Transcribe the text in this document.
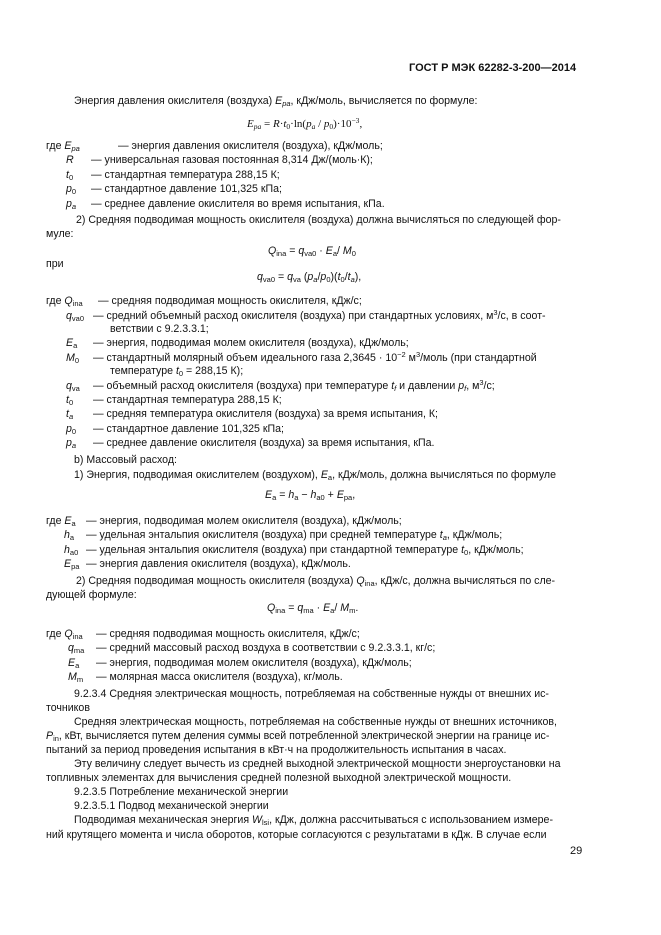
ГОСТ Р МЭК 62282-3-200—2014
Энергия давления окислителя (воздуха) $E_{pa}$, кДж/моль, вычисляется по формуле:
$E_{pa} = R\cdot t_0\cdot\ln(p_a / p_0)\cdot 10^{-3}$,
где $E_{pa}$	— энергия давления окислителя (воздуха), кДж/моль;
R — универсальная газовая постоянная 8,314 Дж/(моль·К);
$t_0$ — стандартная температура 288,15 К;
$p_0$ — стандартное давление 101,325 кПа;
$p_a$ — среднее давление окислителя во время испытания, кПа.
2) Средняя подводимая мощность окислителя (воздуха) должна вычисляться по следующей фор-
муле:
$Q_{ina} = q_{va0} \cdot E_a/$ $M_0$
при
$q_{va0} = q_{va}$ $(p_a/p_0)(t_0/t_a)$,
где $Q_{ina}$ — средняя подводимая мощность окислителя, кДж/с;
$q_{va0}$ — средний объемный расход окислителя (воздуха) при стандартных условиях, $м^3/с$, в соот-
ветствии с 9.2.3.3.1;
$E_a$ — энергия, подводимая молем окислителя (воздуха), кДж/моль;
$M_0$ — стандартный молярный объем идеального газа $2,3645 \cdot 10^{-2}$ $м^3$/моль (при стандартной
температуре $t_0 = 288,15$ К);
$q_{va}$ — объемный расход окислителя (воздуха) при температуре $t_f$ и давлении $p_f$, $м^3/с$;
$t_0$ — стандартная температура 288,15 К;
$t_a$ — средняя температура окислителя (воздуха) за время испытания, К;
$p_0$ — стандартное давление 101,325 кПа;
$p_a$ — среднее давление окислителя (воздуха) за время испытания, кПа.
b) Массовый расход:
1) Энергия, подводимая окислителем (воздухом), $E_a$, кДж/моль, должна вычисляться по формуле
$E_a = h_a - h_{a0} + E_{pa}$,
где $E_a$ — энергия, подводимая молем окислителя (воздуха), кДж/моль;
$h_a$ — удельная энтальпия окислителя (воздуха) при средней температуре $t_a$, кДж/моль;
$h_{a0}$ — удельная энтальпия окислителя (воздуха) при стандартной температуре $t_0$, кДж/моль;
$E_{pa}$ — энергия давления окислителя (воздуха), кДж/моль.
2) Средняя подводимая мощность окислителя (воздуха) $Q_{ina}$, кДж/с, должна вычисляться по сле-
дующей формуле:
$Q_{ina} = q_{ma} \cdot E_a/$ $M_m$.
где $Q_{ina}$ — средняя подводимая мощность окислителя, кДж/с;
$q_{ma}$ — средний массовый расход воздуха в соответствии с 9.2.3.3.1, кг/с;
$E_a$ — энергия, подводимая молем окислителя (воздуха), кДж/моль;
$M_m$ — молярная масса окислителя (воздуха), кг/моль.
9.2.3.4 Средняя электрическая мощность, потребляемая на собственные нужды от внешних ис-
точников
Средняя электрическая мощность, потребляемая на собственные нужды от внешних источников,
$P_{in}$, кВт, вычисляется путем деления суммы всей потребленной электрической энергии на границе ис-
пытаний за период проведения испытания в кВт·ч на продолжительность испытания в часах.
Эту величину следует вычесть из средней выходной электрической мощности энергоустановки на
топливных элементах для вычисления средней полезной выходной электрической мощности.
9.2.3.5 Потребление механической энергии
9.2.3.5.1 Подвод механической энергии
Подводимая механическая энергия $W_{lsi}$, кДж, должна рассчитываться с использованием измере-
ний крутящего момента и числа оборотов, которые согласуются с результатами в кДж. В случае если
29
